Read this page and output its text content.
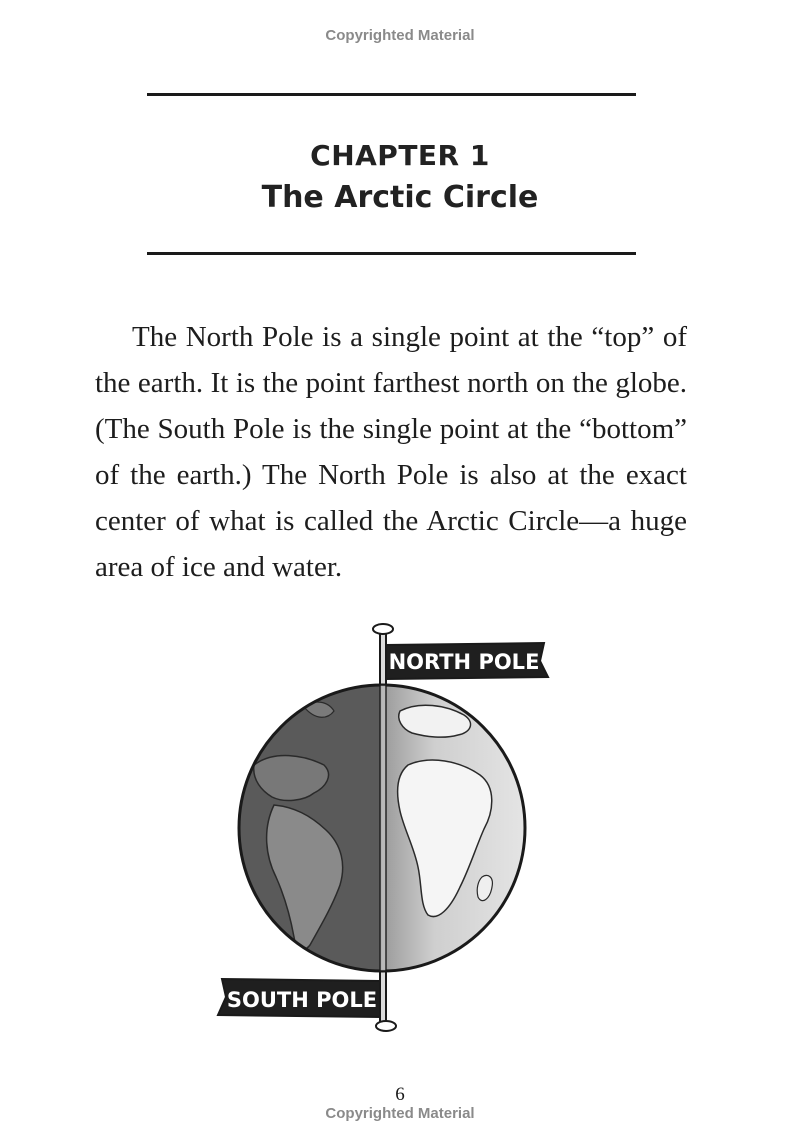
Copyrighted Material
CHAPTER 1
The Arctic Circle

The North Pole is a single point at the “top” of the earth. It is the point farthest north on the globe. (The South Pole is the single point at the “bottom” of the earth.) The North Pole is also at the exact center of what is called the Arctic Circle—a huge area of ice and water.

NORTH POLE
SOUTH POLE
6
Copyrighted Material
